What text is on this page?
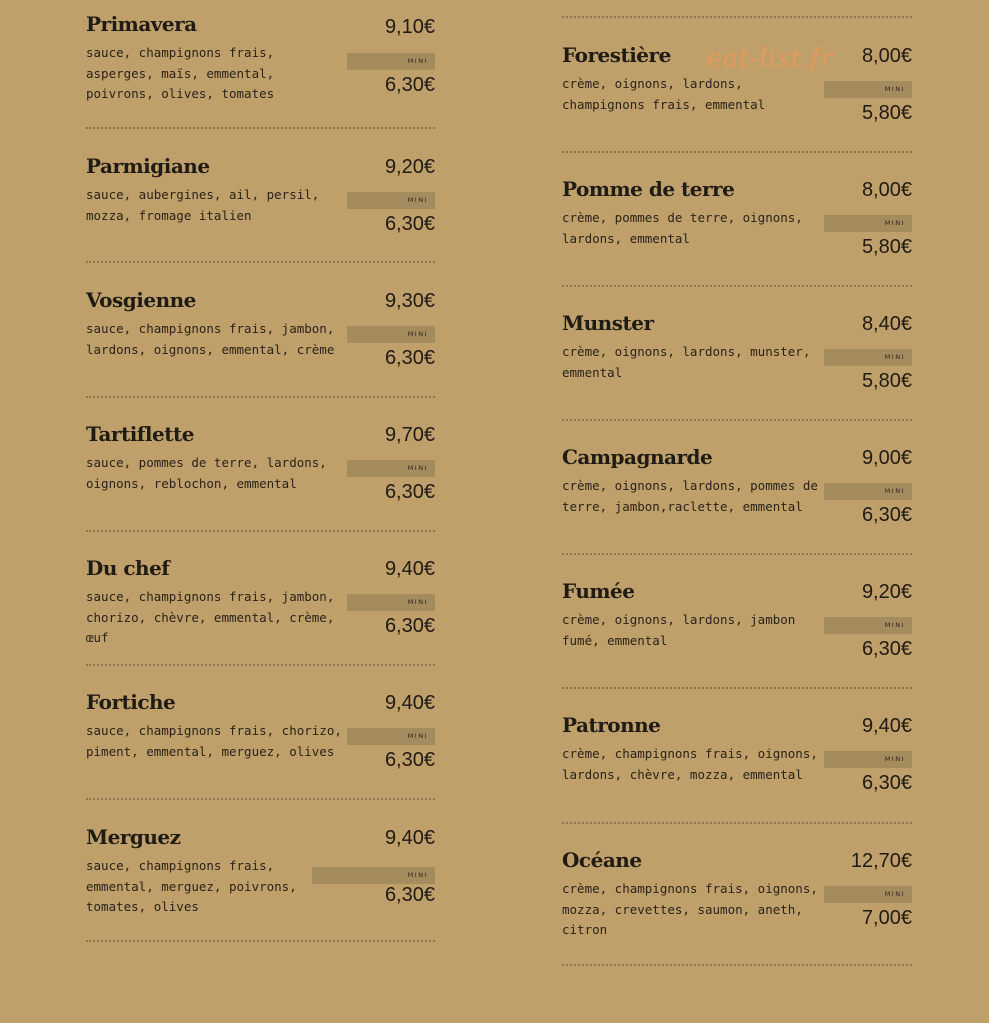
Primavera
sauce, champignons frais, asperges, maïs, emmental, poivrons, olives, tomates
9,10€
MINI
6,30€
Parmigiane
sauce, aubergines, ail, persil, mozza, fromage italien
9,20€
MINI
6,30€
Vosgienne
sauce, champignons frais, jambon, lardons, oignons, emmental, crème
9,30€
MINI
6,30€
Tartiflette
sauce, pommes de terre, lardons, oignons, reblochon, emmental
9,70€
MINI
6,30€
Du chef
sauce, champignons frais, jambon, chorizo, chèvre, emmental, crème, œuf
9,40€
MINI
6,30€
Fortiche
sauce, champignons frais, chorizo, piment, emmental, merguez, olives
9,40€
MINI
6,30€
Merguez
sauce, champignons frais, emmental, merguez, poivrons, tomates, olives
9,40€
MINI
6,30€
Forestière
crème, oignons, lardons, champignons frais, emmental
8,00€
MINI
5,80€
Pomme de terre
crème, pommes de terre, oignons, lardons, emmental
8,00€
MINI
5,80€
Munster
crème, oignons, lardons, munster, emmental
8,40€
MINI
5,80€
Campagnarde
crème, oignons, lardons, pommes de terre, jambon,raclette, emmental
9,00€
MINI
6,30€
Fumée
crème, oignons, lardons, jambon fumé, emmental
9,20€
MINI
6,30€
Patronne
crème, champignons frais, oignons, lardons, chèvre, mozza, emmental
9,40€
MINI
6,30€
Océane
crème, champignons frais, oignons, mozza, crevettes, saumon, aneth, citron
12,70€
MINI
7,00€
eat-list.fr
